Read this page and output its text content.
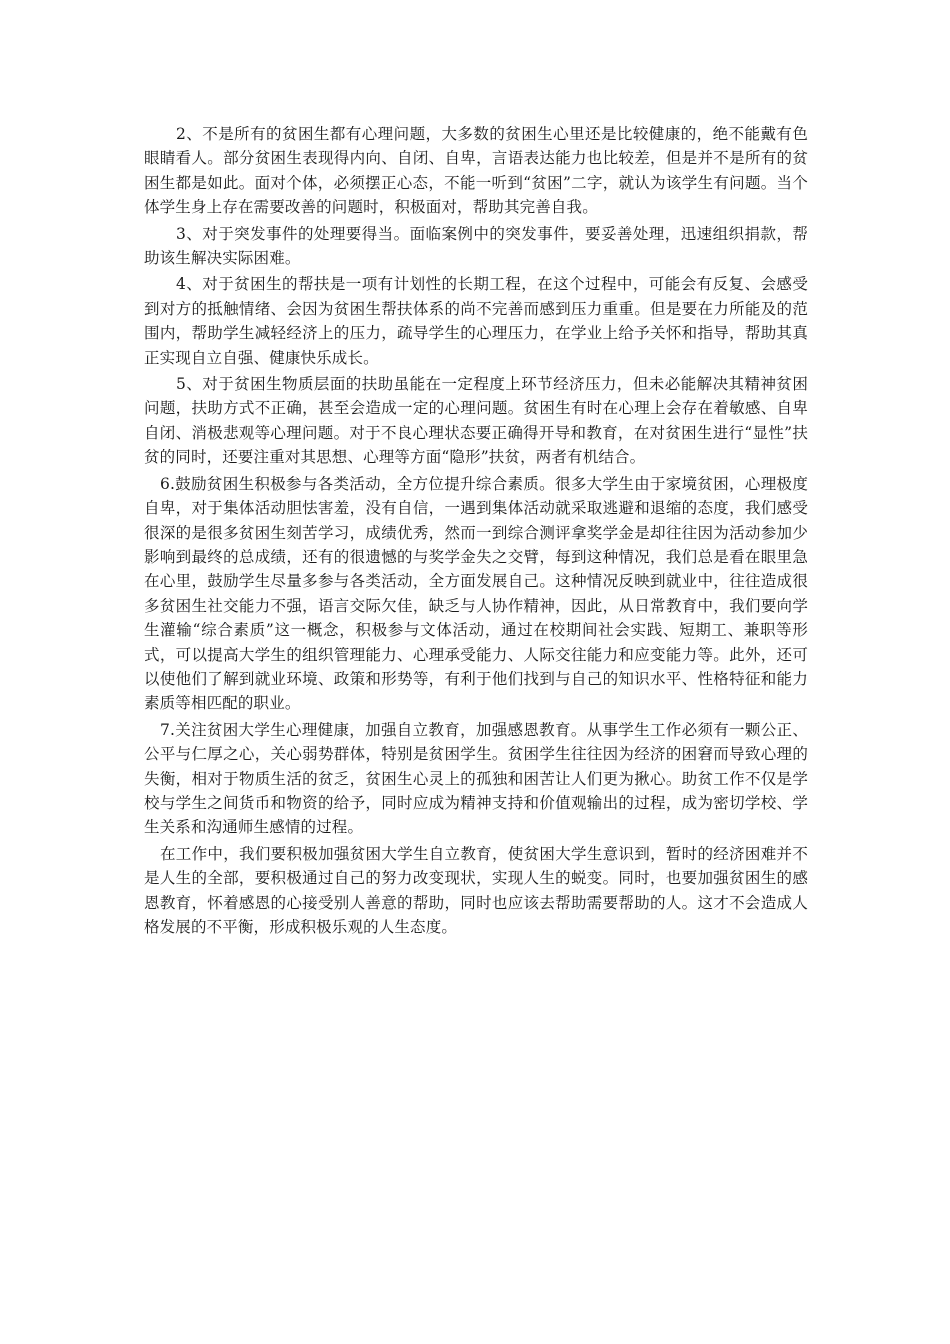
2、不是所有的贫困生都有心理问题，大多数的贫困生心里还是比较健康的，绝不能戴有色眼睛看人。部分贫困生表现得内向、自闭、自卑，言语表达能力也比较差，但是并不是所有的贫困生都是如此。面对个体，必须摆正心态，不能一听到“贫困”二字，就认为该学生有问题。当个体学生身上存在需要改善的问题时，积极面对，帮助其完善自我。

3、对于突发事件的处理要得当。面临案例中的突发事件，要妥善处理，迅速组织捐款，帮助该生解决实际困难。

4、对于贫困生的帮扶是一项有计划性的长期工程，在这个过程中，可能会有反复、会感受到对方的抵触情绪、会因为贫困生帮扶体系的尚不完善而感到压力重重。但是要在力所能及的范围内，帮助学生减轻经济上的压力，疏导学生的心理压力，在学业上给予关怀和指导，帮助其真正实现自立自强、健康快乐成长。

5、对于贫困生物质层面的扶助虽能在一定程度上环节经济压力，但未必能解决其精神贫困问题，扶助方式不正确，甚至会造成一定的心理问题。贫困生有时在心理上会存在着敏感、自卑自闭、消极悲观等心理问题。对于不良心理状态要正确得开导和教育，在对贫困生进行“显性”扶贫的同时，还要注重对其思想、心理等方面“隐形”扶贫，两者有机结合。

6.鼓励贫困生积极参与各类活动，全方位提升综合素质。很多大学生由于家境贫困，心理极度自卑，对于集体活动胆怯害羞，没有自信，一遇到集体活动就采取逃避和退缩的态度，我们感受很深的是很多贫困生刻苦学习，成绩优秀，然而一到综合测评拿奖学金是却往往因为活动参加少影响到最终的总成绩，还有的很遗憾的与奖学金失之交臂，每到这种情况，我们总是看在眼里急在心里，鼓励学生尽量多参与各类活动，全方面发展自己。这种情况反映到就业中，往往造成很多贫困生社交能力不强，语言交际欠佳，缺乏与人协作精神，因此，从日常教育中，我们要向学生灌输“综合素质”这一概念，积极参与文体活动，通过在校期间社会实践、短期工、兼职等形式，可以提高大学生的组织管理能力、心理承受能力、人际交往能力和应变能力等。此外，还可以使他们了解到就业环境、政策和形势等，有利于他们找到与自己的知识水平、性格特征和能力素质等相匹配的职业。

7.关注贫困大学生心理健康，加强自立教育，加强感恩教育。从事学生工作必须有一颗公正、公平与仁厚之心，关心弱势群体，特别是贫困学生。贫困学生往往因为经济的困窘而导致心理的失衡，相对于物质生活的贫乏，贫困生心灵上的孤独和困苦让人们更为揪心。助贫工作不仅是学校与学生之间货币和物资的给予，同时应成为精神支持和价值观输出的过程，成为密切学校、学生关系和沟通师生感情的过程。

在工作中，我们要积极加强贫困大学生自立教育，使贫困大学生意识到，暂时的经济困难并不是人生的全部，要积极通过自己的努力改变现状，实现人生的蜕变。同时，也要加强贫困生的感恩教育，怀着感恩的心接受别人善意的帮助，同时也应该去帮助需要帮助的人。这才不会造成人格发展的不平衡，形成积极乐观的人生态度。
